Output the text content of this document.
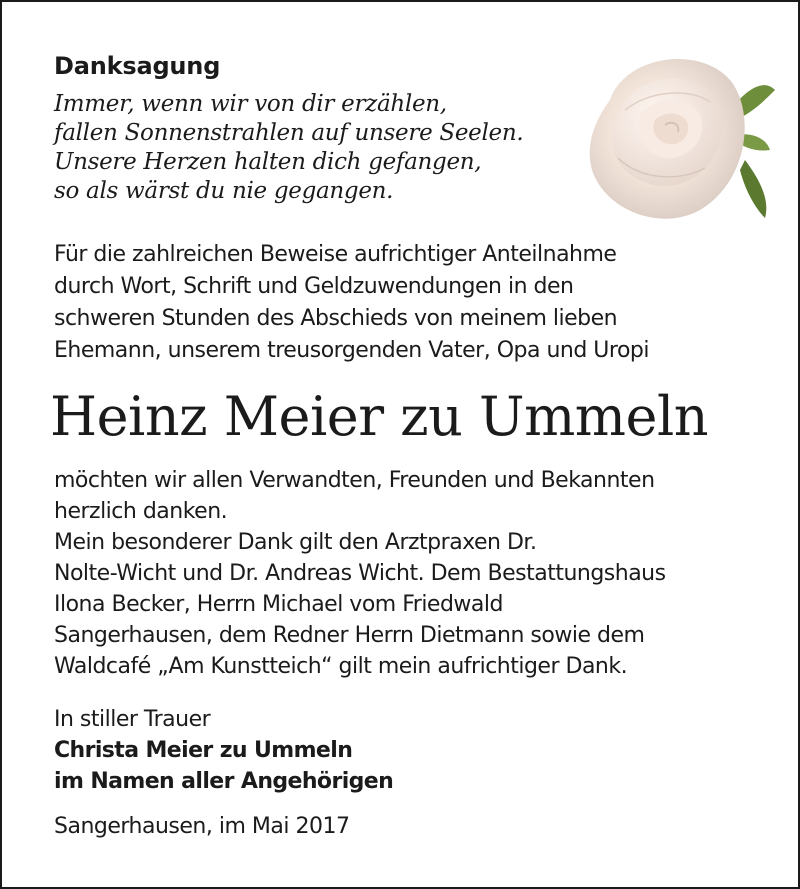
Danksagung
Immer, wenn wir von dir erzählen,
fallen Sonnenstrahlen auf unsere Seelen.
Unsere Herzen halten dich gefangen,
so als wärst du nie gegangen.
Für die zahlreichen Beweise aufrichtiger Anteilnahme
durch Wort, Schrift und Geldzuwendungen in den
schweren Stunden des Abschieds von meinem lieben
Ehemann, unserem treusorgenden Vater, Opa und Uropi
Heinz Meier zu Ummeln
möchten wir allen Verwandten, Freunden und Bekannten
herzlich danken.
Mein besonderer Dank gilt den Arztpraxen Dr.
Nolte-Wicht und Dr. Andreas Wicht. Dem Bestattungshaus
Ilona Becker, Herrn Michael vom Friedwald
Sangerhausen, dem Redner Herrn Dietmann sowie dem
Waldcafé „Am Kunstteich“ gilt mein aufrichtiger Dank.
In stiller Trauer
Christa Meier zu Ummeln
im Namen aller Angehörigen
Sangerhausen, im Mai 2017
